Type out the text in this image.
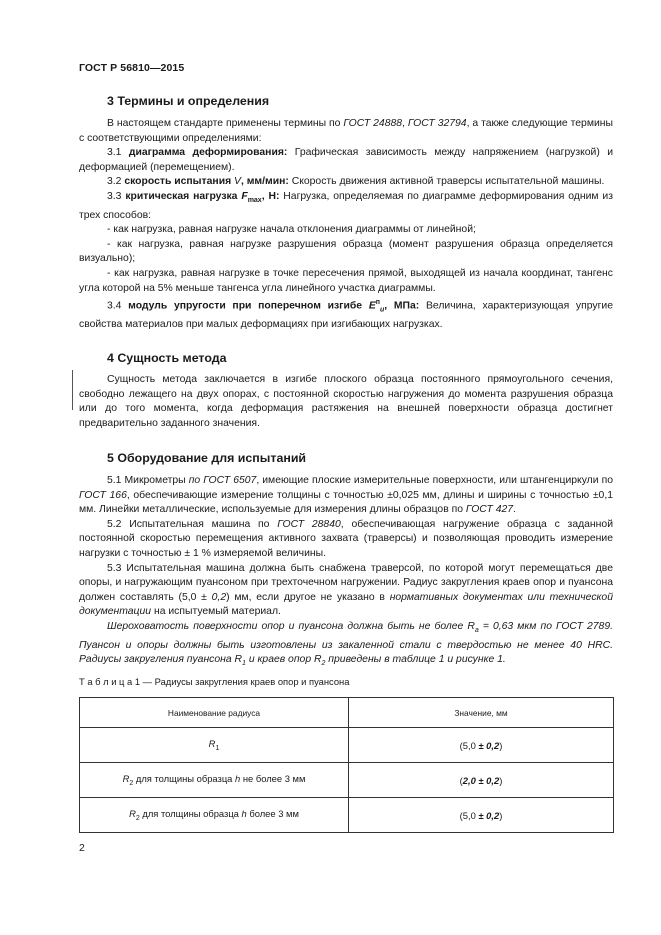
ГОСТ Р 56810—2015
3 Термины и определения

В настоящем стандарте применены термины по ГОСТ 24888, ГОСТ 32794, а также следующие термины с соответствующими определениями:

3.1 диаграмма деформирования: Графическая зависимость между напряжением (нагрузкой) и деформацией (перемещением).

3.2 скорость испытания V, мм/мин: Скорость движения активной траверсы испытательной машины.

3.3 критическая нагрузка $F_{max}$, Н: Нагрузка, определяемая по диаграмме деформирования одним из трех способов:

- как нагрузка, равная нагрузке начала отклонения диаграммы от линейной;

- как нагрузка, равная нагрузке разрушения образца (момент разрушения образца определяется визуально);

- как нагрузка, равная нагрузке в точке пересечения прямой, выходящей из начала координат, тангенс угла которой на 5% меньше тангенса угла линейного участка диаграммы.

3.4 модуль упругости при поперечном изгибе $E^п_и$, МПа: Величина, характеризующая упругие свойства материалов при малых деформациях при изгибающих нагрузках.

4 Сущность метода

Сущность метода заключается в изгибе плоского образца постоянного прямоугольного сечения, свободно лежащего на двух опорах, с постоянной скоростью нагружения до момента разрушения образца или до того момента, когда деформация растяжения на внешней поверхности образца достигнет предварительно заданного значения.

5 Оборудование для испытаний

5.1 Микрометры по ГОСТ 6507, имеющие плоские измерительные поверхности, или штангенциркули по ГОСТ 166, обеспечивающие измерение толщины с точностью ±0,025 мм, длины и ширины с точностью ±0,1 мм. Линейки металлические, используемые для измерения длины образцов по ГОСТ 427.

5.2 Испытательная машина по ГОСТ 28840, обеспечивающая нагружение образца с заданной постоянной скоростью перемещения активного захвата (траверсы) и позволяющая проводить измерение нагрузки с точностью ± 1 % измеряемой величины.

5.3 Испытательная машина должна быть снабжена траверсой, по которой могут перемещаться две опоры, и нагружающим пуансоном при трехточечном нагружении. Радиус закругления краев опор и пуансона должен составлять (5,0 ± 0,2) мм, если другое не указано в нормативных документах или технической документации на испытуемый материал.

Шероховатость поверхности опор и пуансона должна быть не более $R_a = 0,63$ мкм по ГОСТ 2789. Пуансон и опоры должны быть изготовлены из закаленной стали с твердостью не менее 40 HRC. Радиусы закругления пуансона $R_1$ и краев опор $R_2$ приведены в таблице 1 и рисунке 1.

Т а б л и ц а 1 — Радиусы закругления краев опор и пуансона
Наименование радиуса	Значение, мм
$R_1$	(5,0 ± 0,2)
$R_2$ для толщины образца h не более 3 мм	(2,0 ± 0,2)
$R_2$ для толщины образца h более 3 мм	(5,0 ± 0,2)
2
